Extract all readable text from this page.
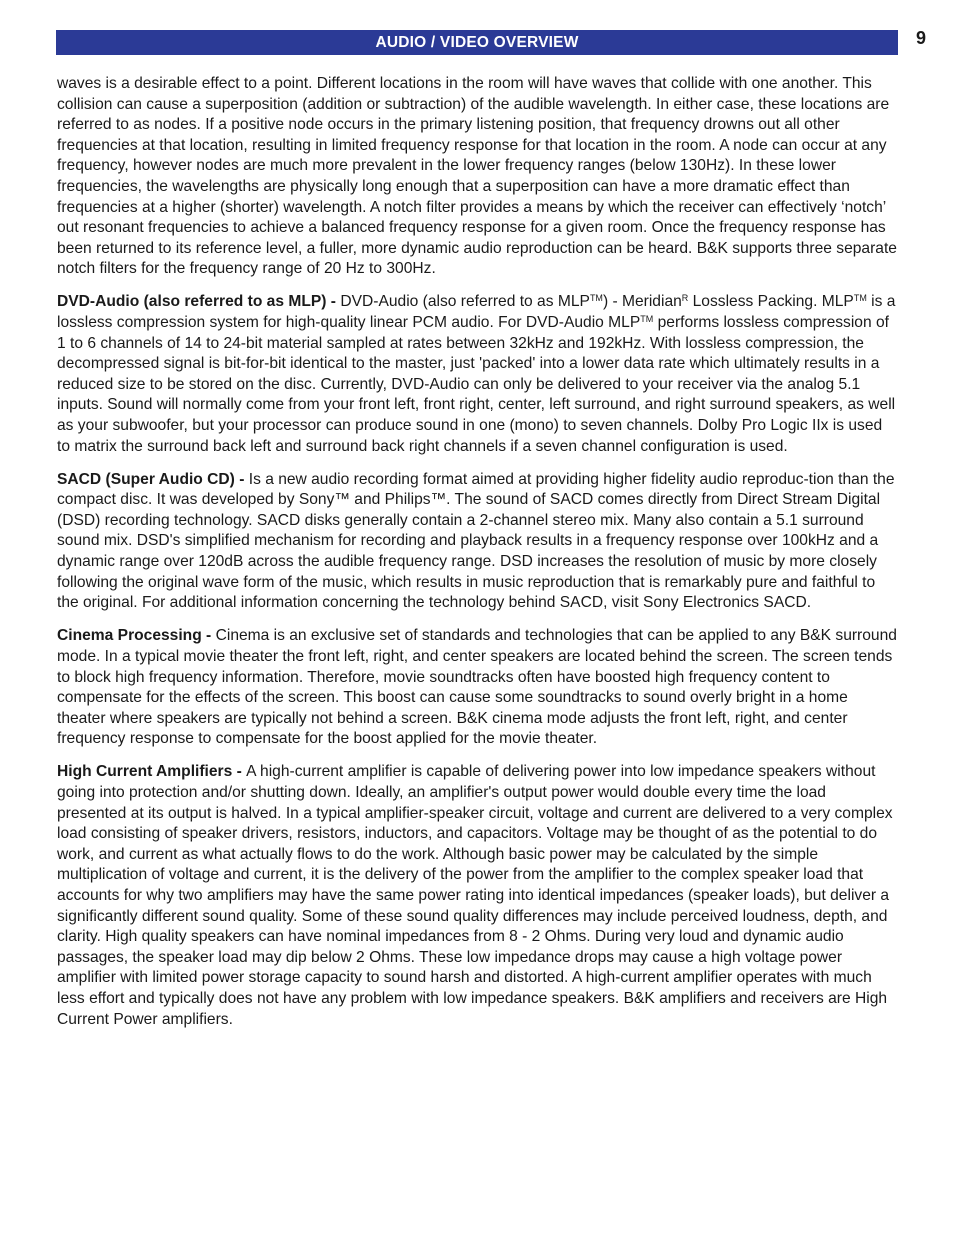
AUDIO / VIDEO OVERVIEW	9

waves is a desirable effect to a point. Different locations in the room will have waves that collide with one another. This collision can cause a superposition (addition or subtraction) of the audible wavelength. In either case, these locations are referred to as nodes. If a positive node occurs in the primary listening position, that frequency drowns out all other frequencies at that location, resulting in limited frequency response for that location in the room. A node can occur at any frequency, however nodes are much more prevalent in the lower frequency ranges (below 130Hz). In these lower frequencies, the wavelengths are physically long enough that a superposition can have a more dramatic effect than frequencies at a higher (shorter) wavelength. A notch filter provides a means by which the receiver can effectively ‘notch’ out resonant frequencies to achieve a balanced frequency response for a given room. Once the frequency response has been returned to its reference level, a fuller, more dynamic audio reproduction can be heard. B&K supports three separate notch filters for the frequency range of 20 Hz to 300Hz.

DVD-Audio (also referred to as MLP) - DVD-Audio (also referred to as MLP™) - Meridian$^R$ Lossless Packing. MLP™ is a lossless compression system for high-quality linear PCM audio. For DVD-Audio MLP™ performs lossless compression of 1 to 6 channels of 14 to 24-bit material sampled at rates between 32kHz and 192kHz. With lossless compression, the decompressed signal is bit-for-bit identical to the master, just 'packed' into a lower data rate which ultimately results in a reduced size to be stored on the disc. Currently, DVD-Audio can only be delivered to your receiver via the analog 5.1 inputs. Sound will normally come from your front left, front right, center, left surround, and right surround speakers, as well as your subwoofer, but your processor can produce sound in one (mono) to seven channels. Dolby Pro Logic IIx is used to matrix the surround back left and surround back right channels if a seven channel configuration is used.

SACD (Super Audio CD) - Is a new audio recording format aimed at providing higher fidelity audio reproduc-tion than the compact disc. It was developed by Sony™ and Philips™. The sound of SACD comes directly from Direct Stream Digital (DSD) recording technology. SACD disks generally contain a 2-channel stereo mix. Many also contain a 5.1 surround sound mix. DSD's simplified mechanism for recording and playback results in a frequency response over 100kHz and a dynamic range over 120dB across the audible frequency range. DSD increases the resolution of music by more closely following the original wave form of the music, which results in music reproduction that is remarkably pure and faithful to the original. For additional information concerning the technology behind SACD, visit Sony Electronics SACD.

Cinema Processing - Cinema is an exclusive set of standards and technologies that can be applied to any B&K surround mode. In a typical movie theater the front left, right, and center speakers are located behind the screen. The screen tends to block high frequency information. Therefore, movie soundtracks often have boosted high frequency content to compensate for the effects of the screen. This boost can cause some soundtracks to sound overly bright in a home theater where speakers are typically not behind a screen. B&K cinema mode adjusts the front left, right, and center frequency response to compensate for the boost applied for the movie theater.

High Current Amplifiers - A high-current amplifier is capable of delivering power into low impedance speakers without going into protection and/or shutting down. Ideally, an amplifier's output power would double every time the load presented at its output is halved. In a typical amplifier-speaker circuit, voltage and current are delivered to a very complex load consisting of speaker drivers, resistors, inductors, and capacitors. Voltage may be thought of as the potential to do work, and current as what actually flows to do the work. Although basic power may be calculated by the simple multiplication of voltage and current, it is the delivery of the power from the amplifier to the complex speaker load that accounts for why two amplifiers may have the same power rating into identical impedances (speaker loads), but deliver a significantly different sound quality. Some of these sound quality differences may include perceived loudness, depth, and clarity. High quality speakers can have nominal impedances from 8 - 2 Ohms. During very loud and dynamic audio passages, the speaker load may dip below 2 Ohms. These low impedance drops may cause a high voltage power amplifier with limited power storage capacity to sound harsh and distorted. A high-current amplifier operates with much less effort and typically does not have any problem with low impedance speakers. B&K amplifiers and receivers are High Current Power amplifiers.
